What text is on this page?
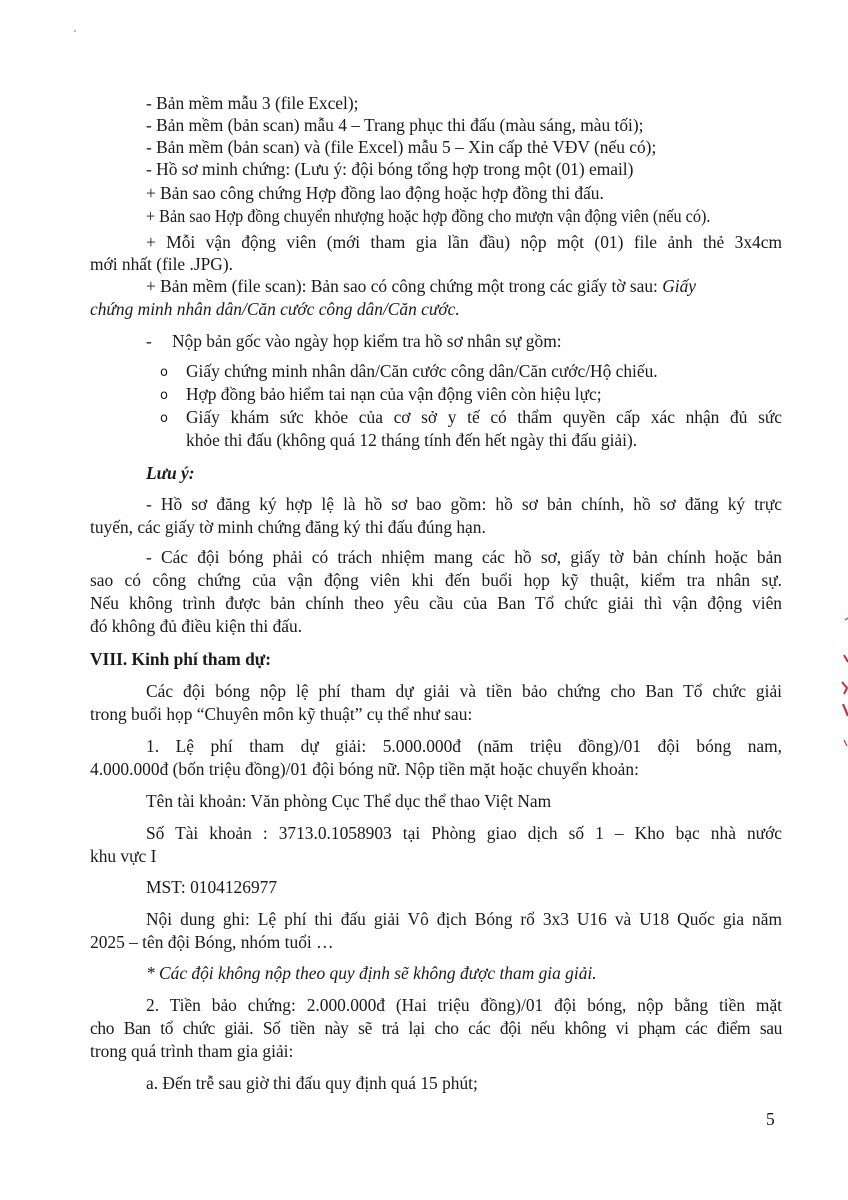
- Bản mềm mẫu 3 (file Excel);
- Bản mềm (bản scan) mẫu 4 – Trang phục thi đấu (màu sáng, màu tối);
- Bản mềm (bản scan) và (file Excel) mẫu 5 – Xin cấp thẻ VĐV (nếu có);
- Hồ sơ minh chứng: (Lưu ý: đội bóng tổng hợp trong một (01) email)
+ Bản sao công chứng Hợp đồng lao động hoặc hợp đồng thi đấu.
+ Bản sao Hợp đồng chuyển nhượng hoặc hợp đồng cho mượn vận động viên (nếu có).
+ Mỗi vận động viên (mới tham gia lần đầu) nộp một (01) file ảnh thẻ 3x4cm
mới nhất (file .JPG).
+ Bản mềm (file scan): Bản sao có công chứng một trong các giấy tờ sau: Giấy
chứng minh nhân dân/Căn cước công dân/Căn cước.
- Nộp bản gốc vào ngày họp kiểm tra hồ sơ nhân sự gồm:
o Giấy chứng minh nhân dân/Căn cước công dân/Căn cước/Hộ chiếu.
o Hợp đồng bảo hiểm tai nạn của vận động viên còn hiệu lực;
o Giấy khám sức khỏe của cơ sở y tế có thẩm quyền cấp xác nhận đủ sức
khỏe thi đấu (không quá 12 tháng tính đến hết ngày thi đấu giải).
Lưu ý:
- Hồ sơ đăng ký hợp lệ là hồ sơ bao gồm: hồ sơ bản chính, hồ sơ đăng ký trực
tuyến, các giấy tờ minh chứng đăng ký thi đấu đúng hạn.
- Các đội bóng phải có trách nhiệm mang các hồ sơ, giấy tờ bản chính hoặc bản
sao có công chứng của vận động viên khi đến buổi họp kỹ thuật, kiểm tra nhân sự.
Nếu không trình được bản chính theo yêu cầu của Ban Tổ chức giải thì vận động viên
đó không đủ điều kiện thi đấu.
VIII. Kinh phí tham dự:
Các đội bóng nộp lệ phí tham dự giải và tiền bảo chứng cho Ban Tổ chức giải
trong buổi họp “Chuyên môn kỹ thuật” cụ thể như sau:
1. Lệ phí tham dự giải: 5.000.000đ (năm triệu đồng)/01 đội bóng nam,
4.000.000đ (bốn triệu đồng)/01 đội bóng nữ. Nộp tiền mặt hoặc chuyển khoản:
Tên tài khoản: Văn phòng Cục Thể dục thể thao Việt Nam
Số Tài khoản : 3713.0.1058903 tại Phòng giao dịch số 1 – Kho bạc nhà nước
khu vực I
MST: 0104126977
Nội dung ghi: Lệ phí thi đấu giải Vô địch Bóng rổ 3x3 U16 và U18 Quốc gia năm
2025 – tên đội Bóng, nhóm tuổi …
* Các đội không nộp theo quy định sẽ không được tham gia giải.
2. Tiền bảo chứng: 2.000.000đ (Hai triệu đồng)/01 đội bóng, nộp bằng tiền mặt
cho Ban tổ chức giải. Số tiền này sẽ trả lại cho các đội nếu không vi phạm các điểm sau
trong quá trình tham gia giải:
a. Đến trễ sau giờ thi đấu quy định quá 15 phút;
5
